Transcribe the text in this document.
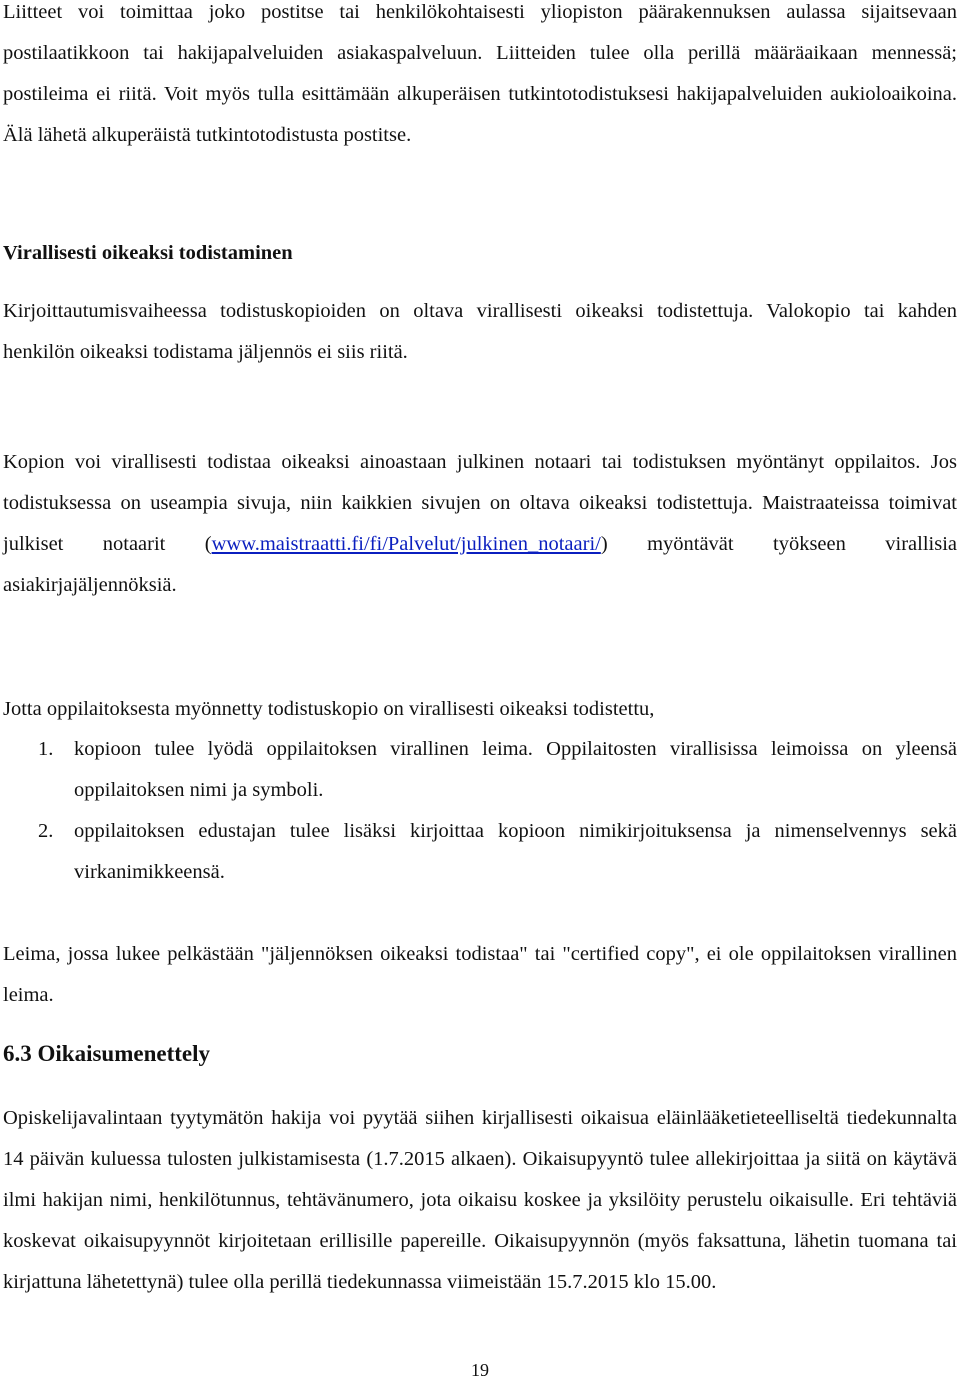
Liitteet voi toimittaa joko postitse tai henkilökohtaisesti yliopiston päärakennuksen aulassa sijaitsevaan postilaatikkoon tai hakijapalveluiden asiakaspalveluun. Liitteiden tulee olla perillä määräaikaan mennessä; postileima ei riitä. Voit myös tulla esittämään alkuperäisen tutkintotodistuksesi hakijapalveluiden aukioloaikoina. Älä lähetä alkuperäistä tutkintotodistusta postitse.

Virallisesti oikeaksi todistaminen

Kirjoittautumisvaiheessa todistuskopioiden on oltava virallisesti oikeaksi todistettuja. Valokopio tai kahden henkilön oikeaksi todistama jäljennös ei siis riitä.

Kopion voi virallisesti todistaa oikeaksi ainoastaan julkinen notaari tai todistuksen myöntänyt oppilaitos. Jos todistuksessa on useampia sivuja, niin kaikkien sivujen on oltava oikeaksi todistettuja. Maistraateissa toimivat julkiset notaarit (www.maistraatti.fi/fi/Palvelut/julkinen_notaari/) myöntävät työkseen virallisia asiakirjajäljennöksiä.

Jotta oppilaitoksesta myönnetty todistuskopio on virallisesti oikeaksi todistettu,

1. kopioon tulee lyödä oppilaitoksen virallinen leima. Oppilaitosten virallisissa leimoissa on yleensä oppilaitoksen nimi ja symboli.
2. oppilaitoksen edustajan tulee lisäksi kirjoittaa kopioon nimikirjoituksensa ja nimenselvennys sekä virkanimikkeensä.

Leima, jossa lukee pelkästään "jäljennöksen oikeaksi todistaa" tai "certified copy", ei ole oppilaitoksen virallinen leima.

6.3 Oikaisumenettely

Opiskelijavalintaan tyytymätön hakija voi pyytää siihen kirjallisesti oikaisua eläinlääketieteelliseltä tiedekunnalta 14 päivän kuluessa tulosten julkistamisesta (1.7.2015 alkaen). Oikaisupyyntö tulee allekirjoittaa ja siitä on käytävä ilmi hakijan nimi, henkilötunnus, tehtävänumero, jota oikaisu koskee ja yksilöity perustelu oikaisulle. Eri tehtäviä koskevat oikaisupyynnöt kirjoitetaan erillisille papereille. Oikaisupyynnön (myös faksattuna, lähetin tuomana tai kirjattuna lähetettynä) tulee olla perillä tiedekunnassa viimeistään 15.7.2015 klo 15.00.

19
